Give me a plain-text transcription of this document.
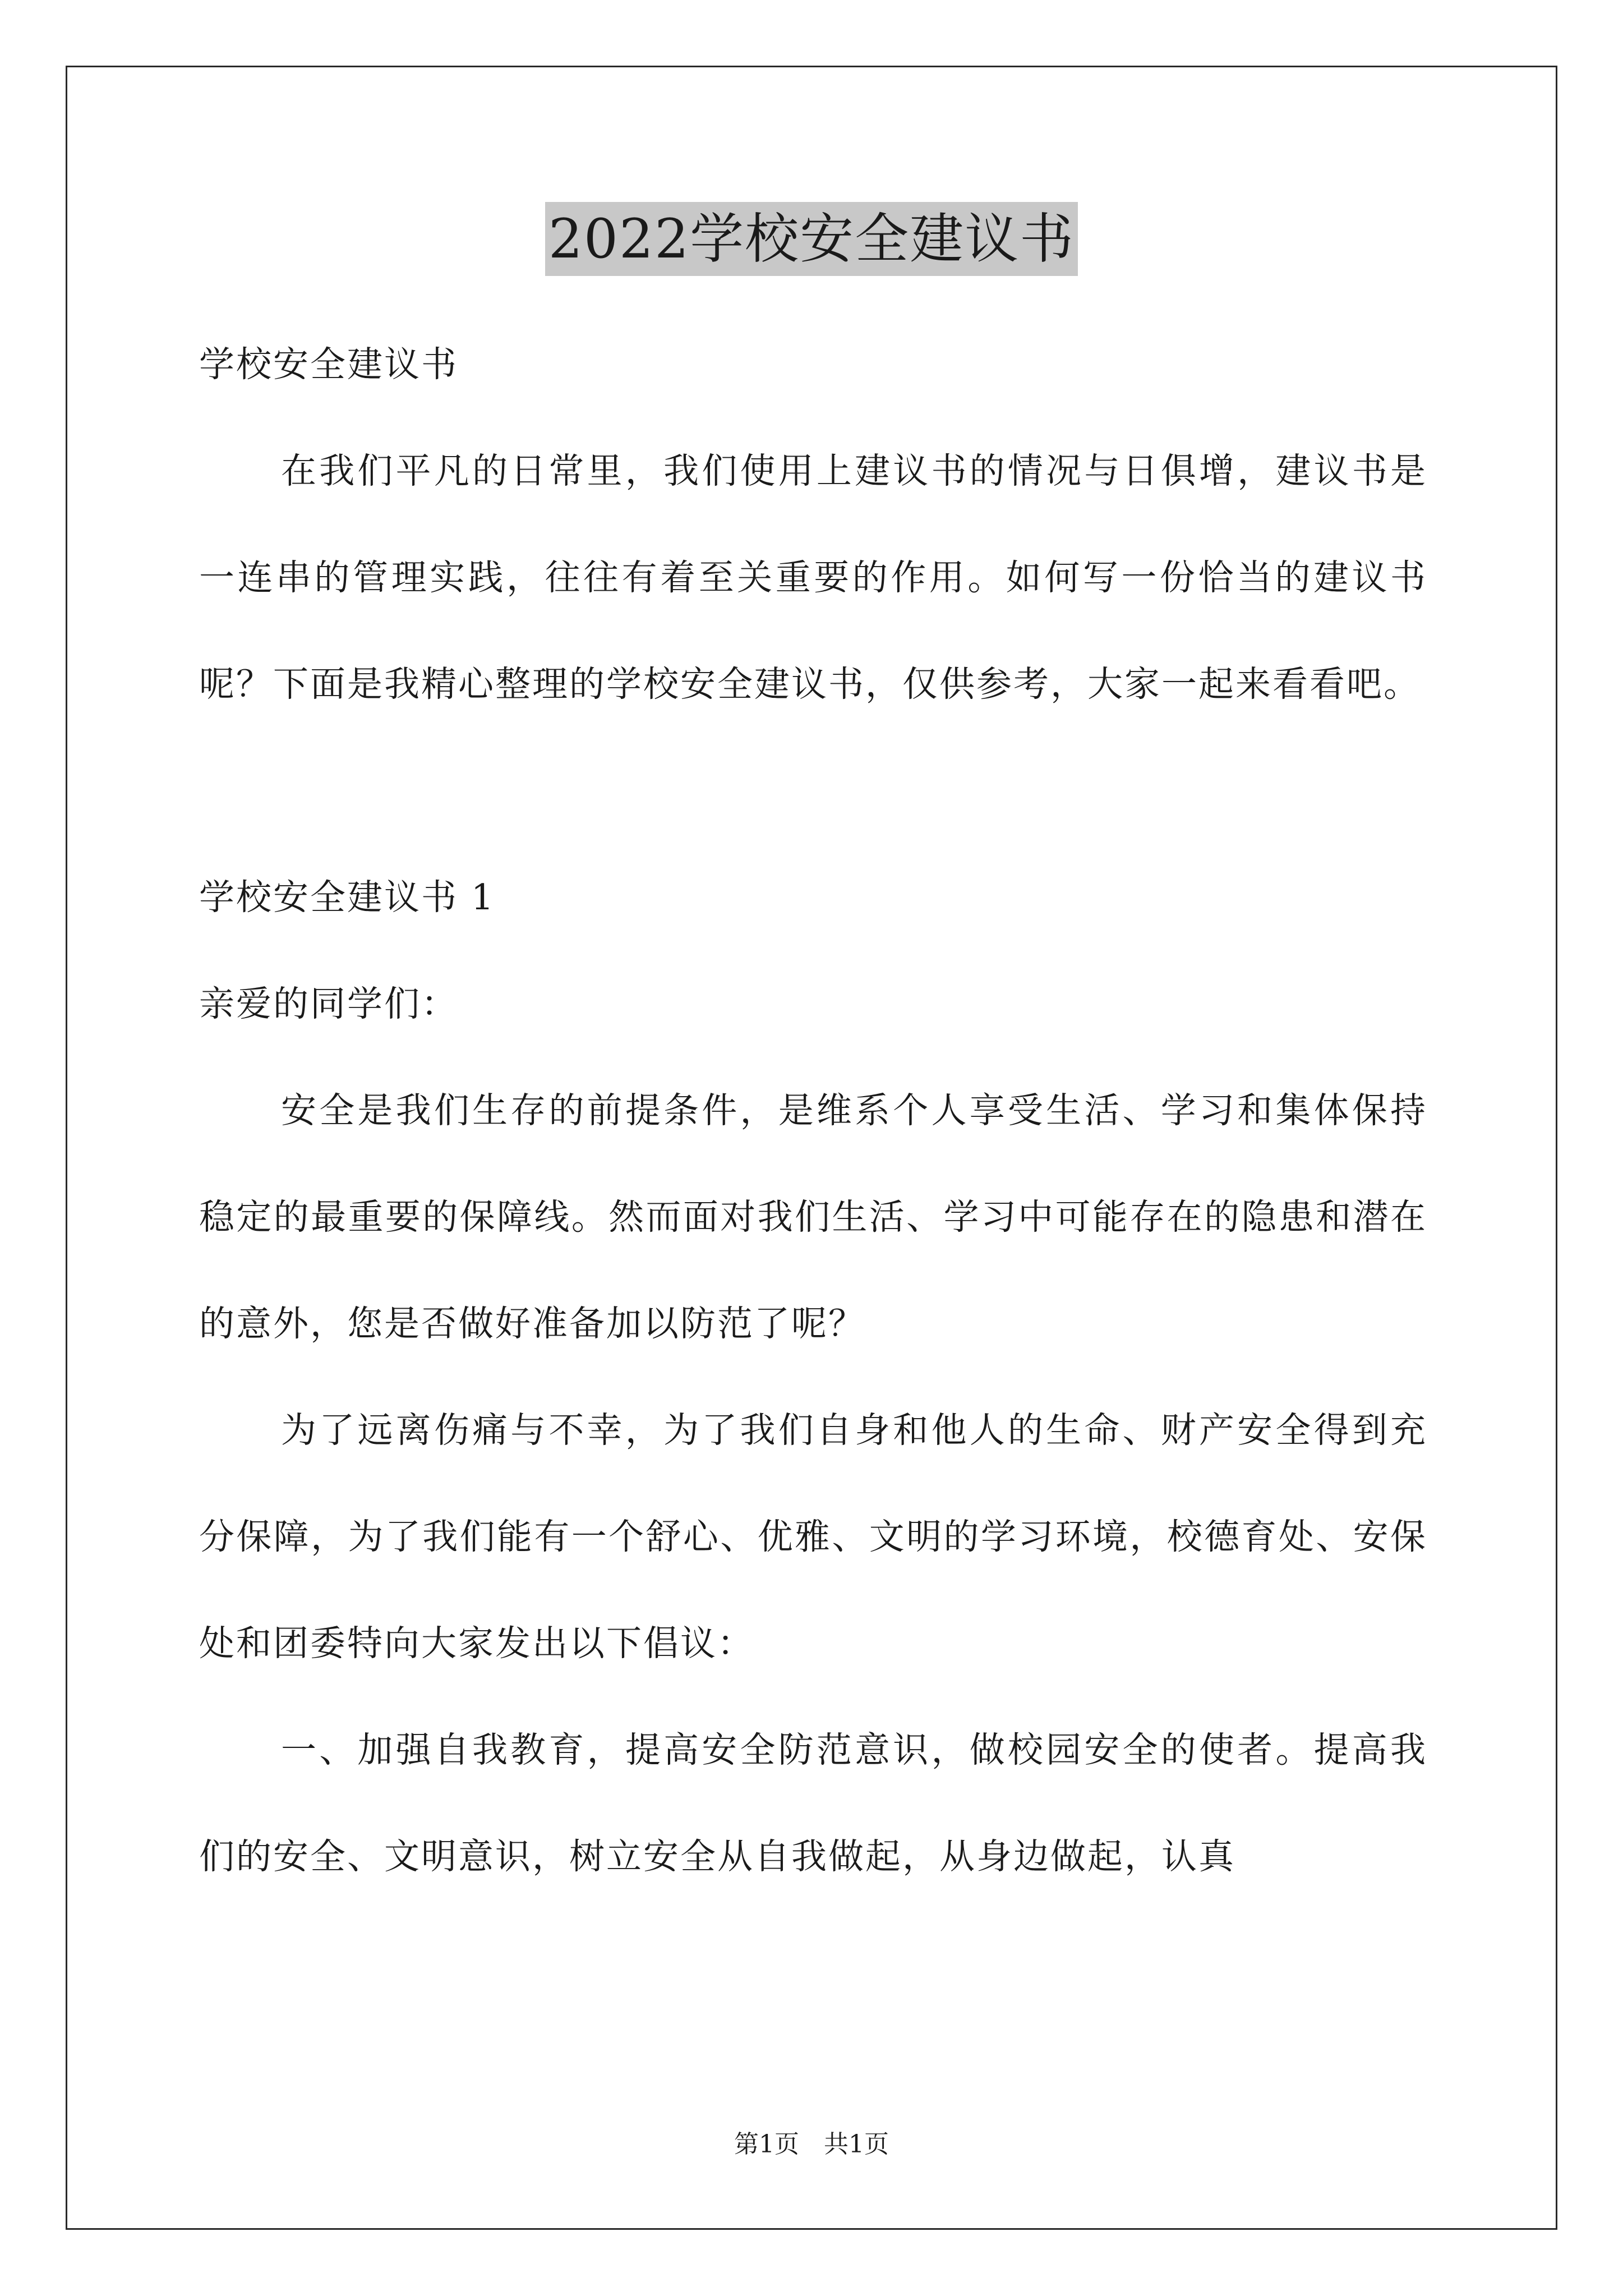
2022学校安全建议书

学校安全建议书

在我们平凡的日常里，我们使用上建议书的情况与日俱增，建议书是一连串的管理实践，往往有着至关重要的作用。如何写一份恰当的建议书呢？下面是我精心整理的学校安全建议书，仅供参考，大家一起来看看吧。

学校安全建议书 1

亲爱的同学们：

安全是我们生存的前提条件，是维系个人享受生活、学习和集体保持稳定的最重要的保障线。然而面对我们生活、学习中可能存在的隐患和潜在的意外，您是否做好准备加以防范了呢？

为了远离伤痛与不幸，为了我们自身和他人的生命、财产安全得到充分保障，为了我们能有一个舒心、优雅、文明的学习环境，校德育处、安保处和团委特向大家发出以下倡议：

一、加强自我教育，提高安全防范意识，做校园安全的使者。提高我们的安全、文明意识，树立安全从自我做起，从身边做起，认真

第1页 共1页
